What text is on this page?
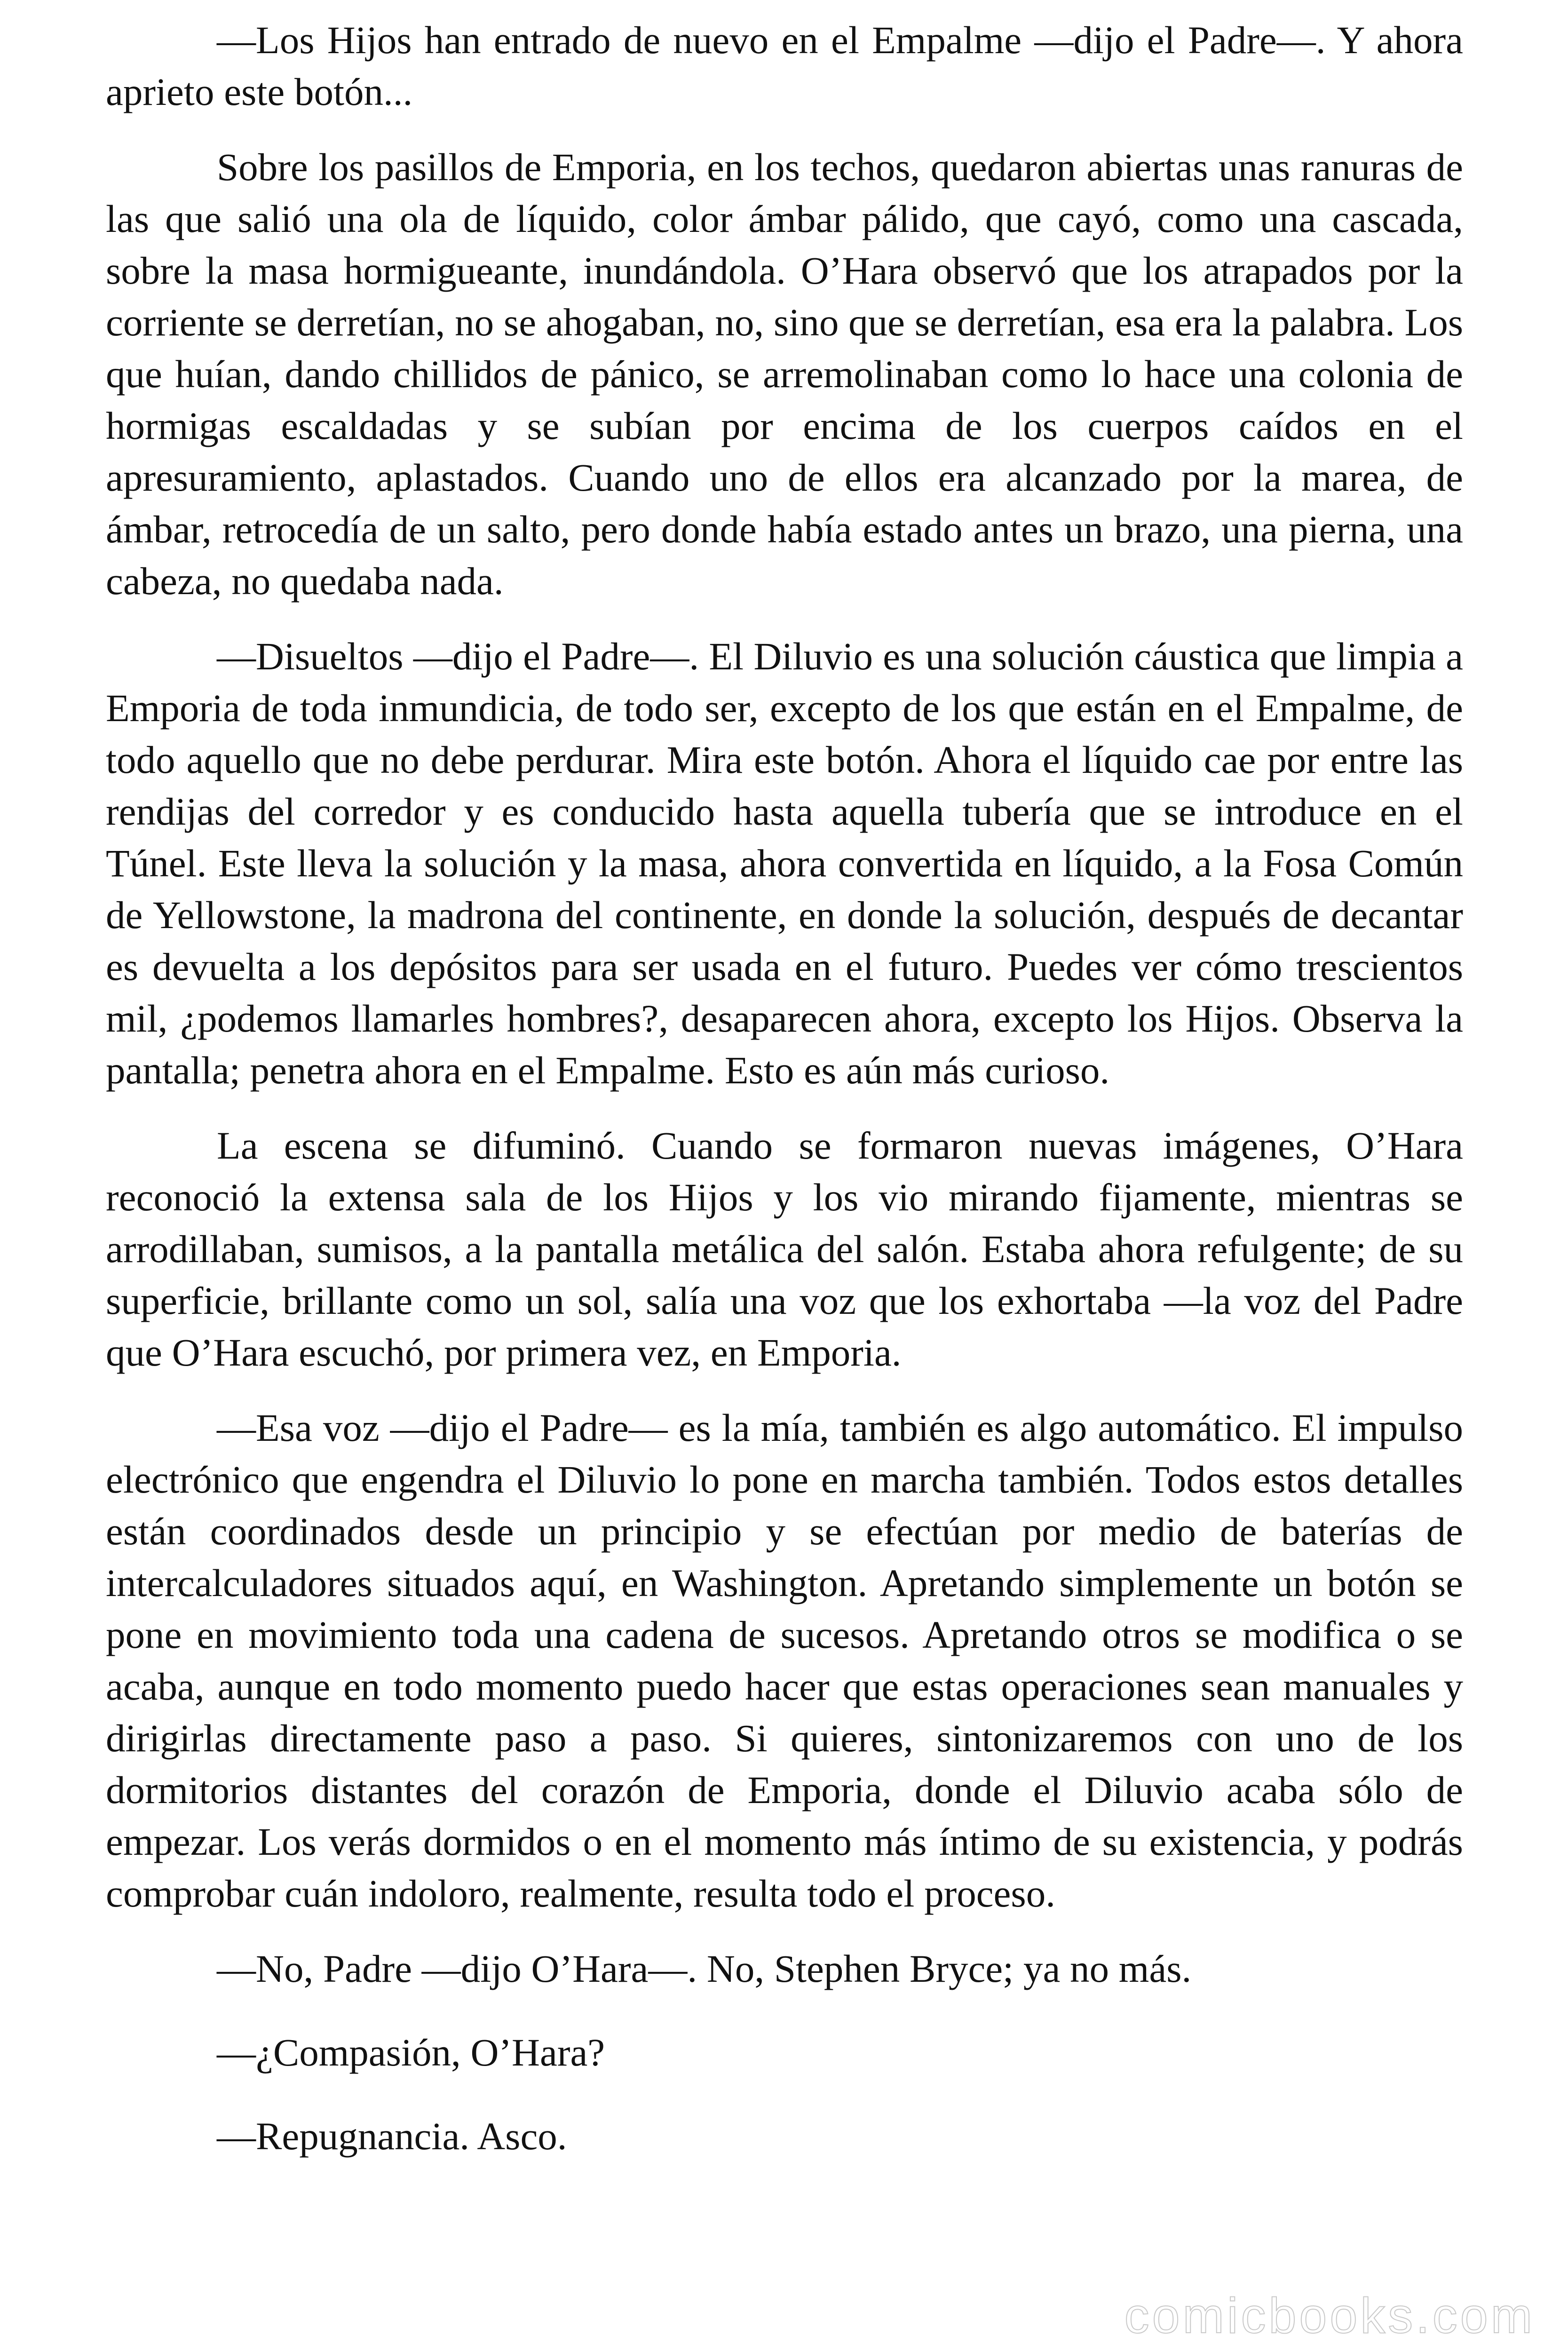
—Los Hijos han entrado de nuevo en el Empalme —dijo el Padre—. Y ahora aprieto este botón...

Sobre los pasillos de Emporia, en los techos, quedaron abiertas unas ranuras de las que salió una ola de líquido, color ámbar pálido, que cayó, como una cascada, sobre la masa hormigueante, inundándola. O’Hara observó que los atrapados por la corriente se derretían, no se ahogaban, no, sino que se derretían, esa era la palabra. Los que huían, dando chillidos de pánico, se arremolinaban como lo hace una colonia de hormigas escaldadas y se subían por encima de los cuerpos caídos en el apresuramiento, aplastados. Cuando uno de ellos era alcanzado por la marea, de ámbar, retrocedía de un salto, pero donde había estado antes un brazo, una pierna, una cabeza, no quedaba nada.

—Disueltos —dijo el Padre—. El Diluvio es una solución cáustica que limpia a Emporia de toda inmundicia, de todo ser, excepto de los que están en el Empalme, de todo aquello que no debe perdurar. Mira este botón. Ahora el líquido cae por entre las rendijas del corredor y es conducido hasta aquella tubería que se introduce en el Túnel. Este lleva la solución y la masa, ahora convertida en líquido, a la Fosa Común de Yellowstone, la madrona del continente, en donde la solución, después de decantar es devuelta a los depósitos para ser usada en el futuro. Puedes ver cómo trescientos mil, ¿podemos llamarles hombres?, desaparecen ahora, excepto los Hijos. Observa la pantalla; penetra ahora en el Empalme. Esto es aún más curioso.

La escena se difuminó. Cuando se formaron nuevas imágenes, O’Hara reconoció la extensa sala de los Hijos y los vio mirando fijamente, mientras se arrodillaban, sumisos, a la pantalla metálica del salón. Estaba ahora refulgente; de su superficie, brillante como un sol, salía una voz que los exhortaba —la voz del Padre que O’Hara escuchó, por primera vez, en Emporia.

—Esa voz —dijo el Padre— es la mía, también es algo automático. El impulso electrónico que engendra el Diluvio lo pone en marcha también. Todos estos detalles están coordinados desde un principio y se efectúan por medio de baterías de intercalculadores situados aquí, en Washington. Apretando simplemente un botón se pone en movimiento toda una cadena de sucesos. Apretando otros se modifica o se acaba, aunque en todo momento puedo hacer que estas operaciones sean manuales y dirigirlas directamente paso a paso. Si quieres, sintonizaremos con uno de los dormitorios distantes del corazón de Emporia, donde el Diluvio acaba sólo de empezar. Los verás dormidos o en el momento más íntimo de su existencia, y podrás comprobar cuán indoloro, realmente, resulta todo el proceso.

—No, Padre —dijo O’Hara—. No, Stephen Bryce; ya no más.

—¿Compasión, O’Hara?

—Repugnancia. Asco.

comicbooks.com
